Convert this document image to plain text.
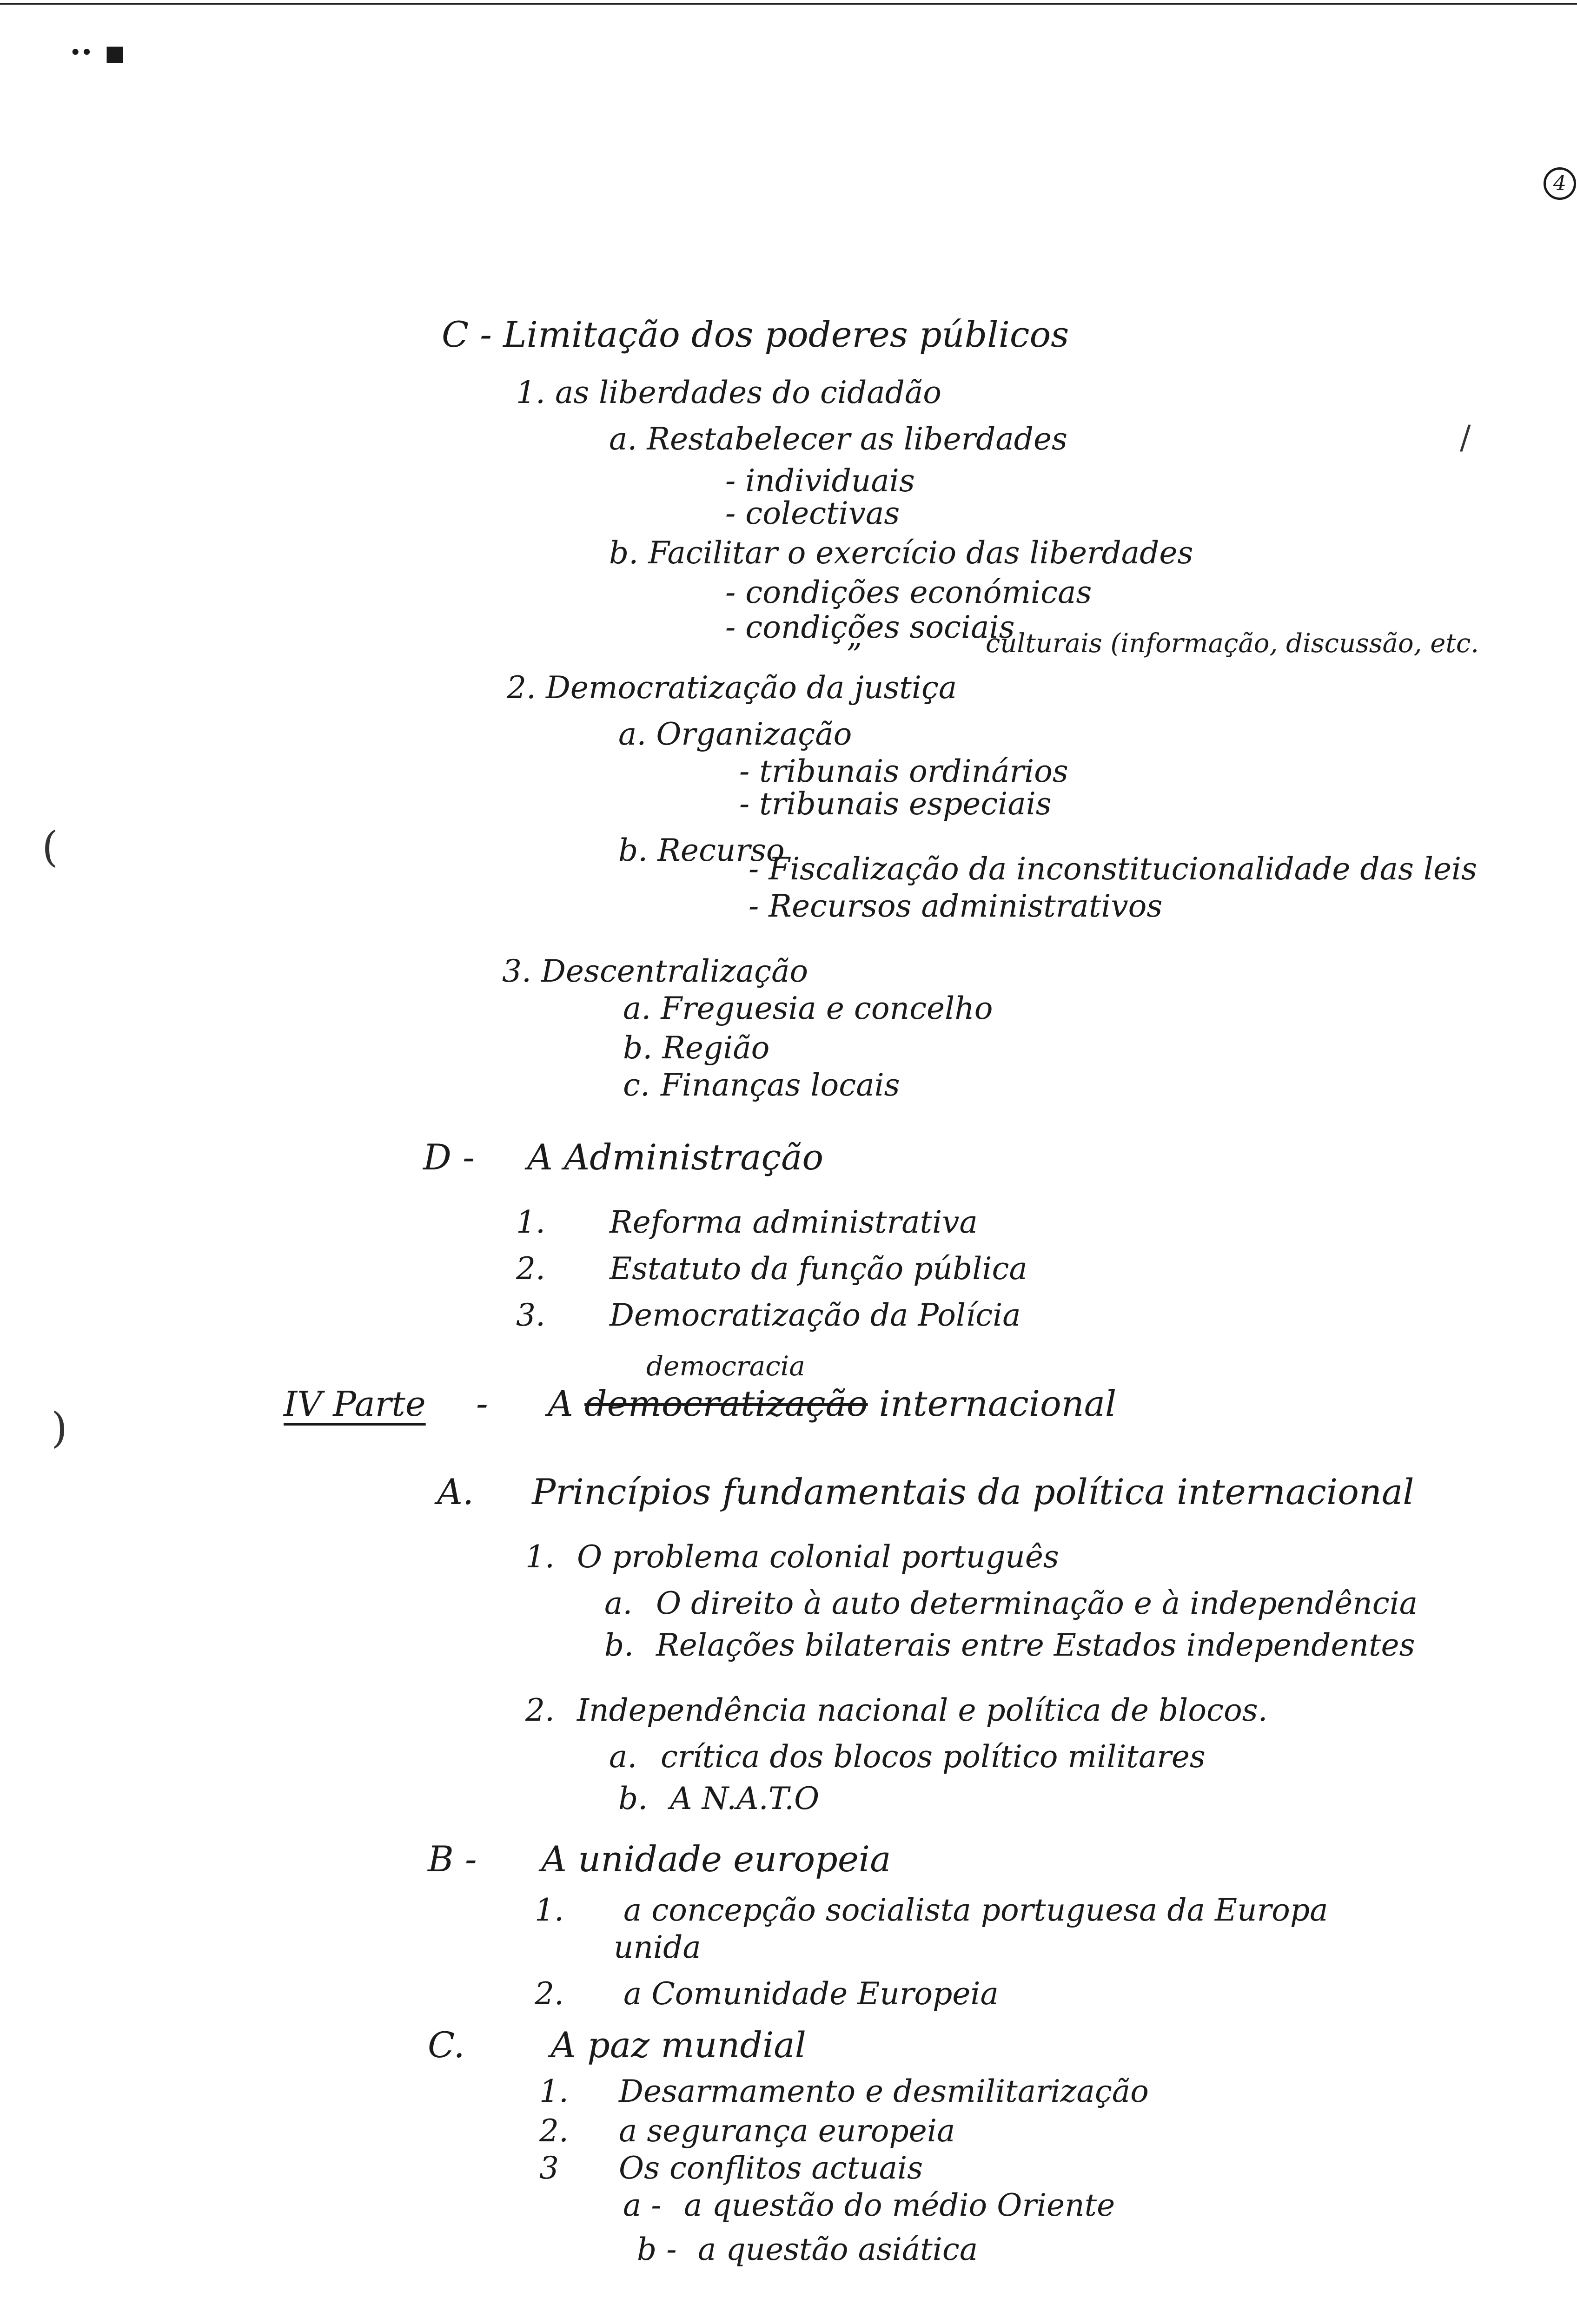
·· ▪
4
C - Limitação dos poderes públicos
1. as liberdades do cidadão
a. Restabelecer as liberdades
- individuais
- colectivas
b. Facilitar o exercício das liberdades
- condições económicas
- condições sociais
”	culturais (informação, discussão, etc.
2. Democratização da justiça
a. Organização
- tribunais ordinários
- tribunais especiais
b. Recurso
- Fiscalização da inconstitucionalidade das leis
- Recursos administrativos
3. Descentralização
a. Freguesia e concelho
b. Região
c. Finanças locais
D - A Administração
1. Reforma administrativa
2. Estatuto da função pública
3. Democratização da Polícia
democracia
IV Parte - A democratização internacional
A. Princípios fundamentais da política internacional
1. O problema colonial português
a. O direito à auto determinação e à independência
b. Relações bilaterais entre Estados independentes
2. Independência nacional e política de blocos.
a. crítica dos blocos político militares
b. A N.A.T.O
B - A unidade europeia
1. a concepção socialista portuguesa da Europa
unida
2. a Comunidade Europeia
C. A paz mundial
1. Desarmamento e desmilitarização
2. a segurança europeia
3 Os conflitos actuais
a - a questão do médio Oriente
b - a questão asiática
(
)
/
